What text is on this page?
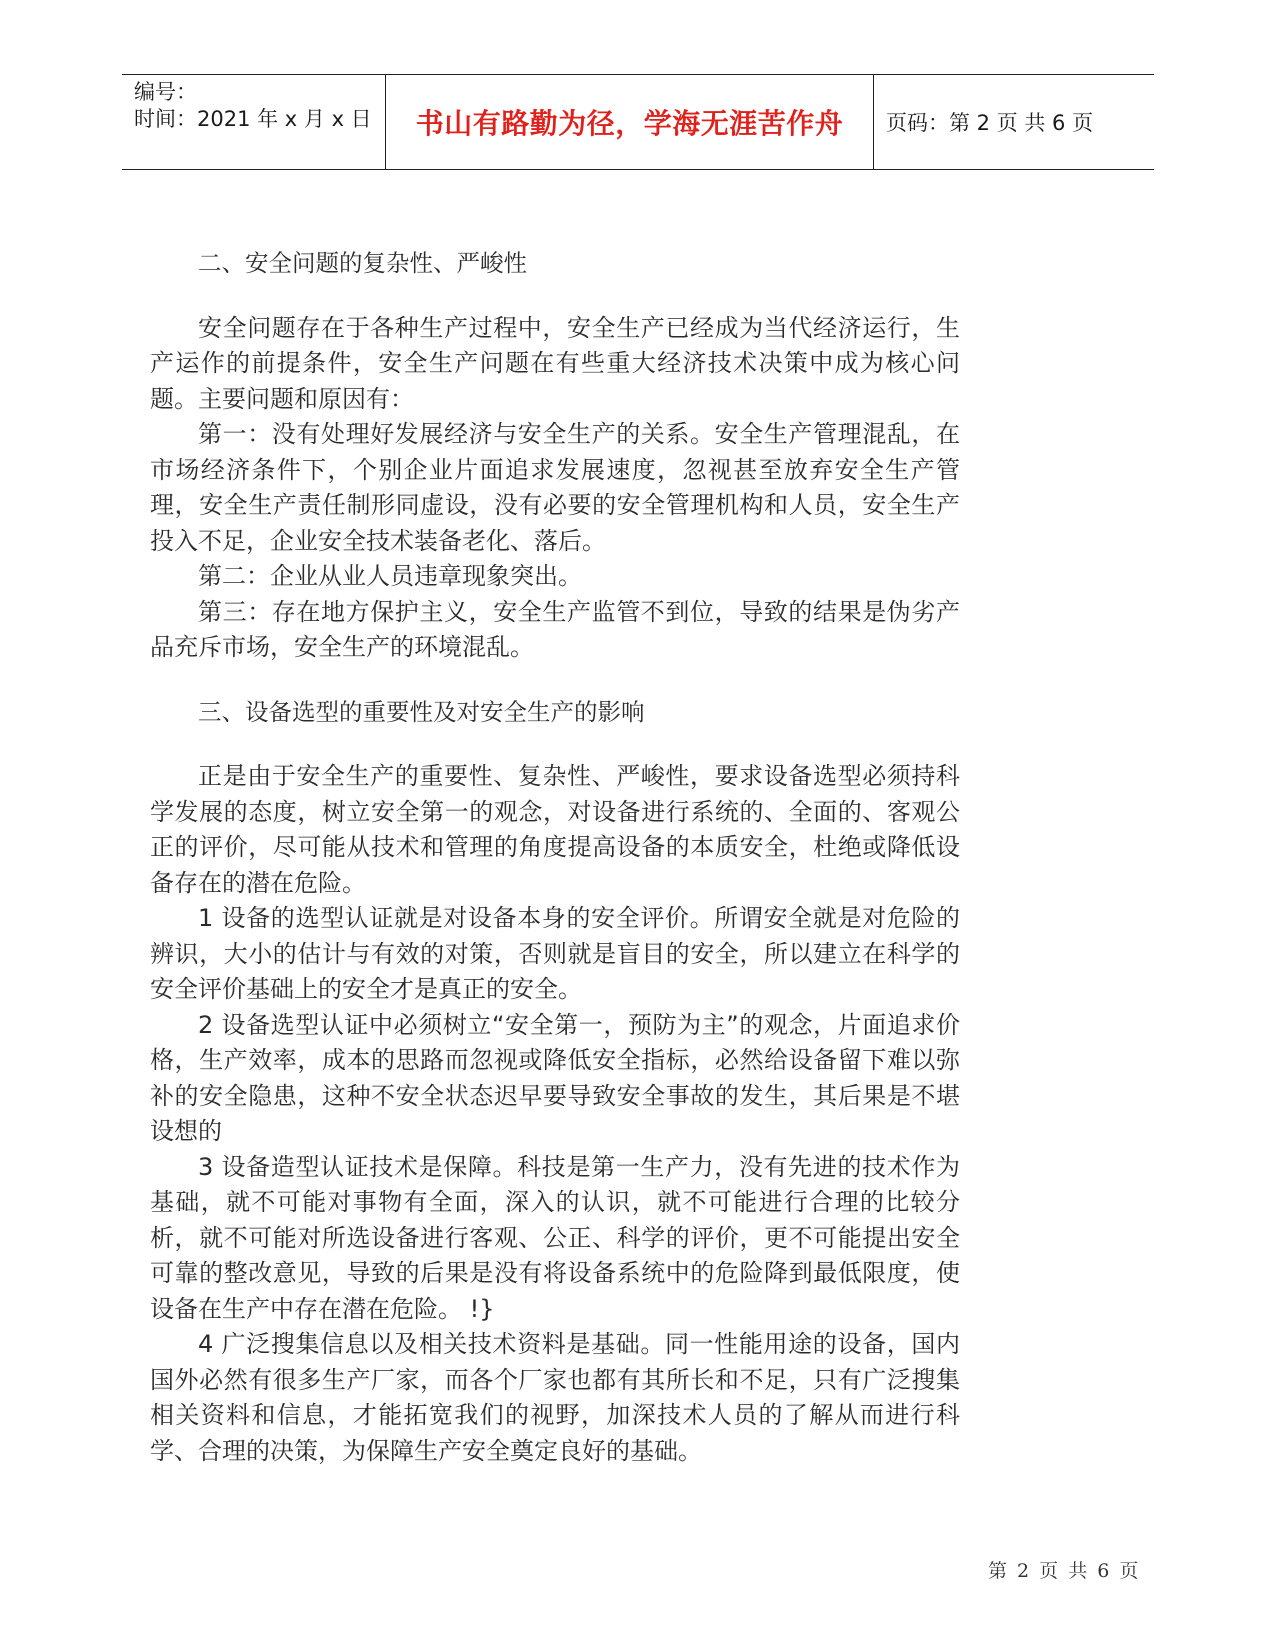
编号：
时间：2021 年 x 月 x 日 书山有路勤为径，学海无涯苦作舟 页码：第 2 页 共 6 页

二、安全问题的复杂性、严峻性

安全问题存在于各种生产过程中，安全生产已经成为当代经济运行，生产运作的前提条件，安全生产问题在有些重大经济技术决策中成为核心问题。主要问题和原因有：

第一：没有处理好发展经济与安全生产的关系。安全生产管理混乱，在市场经济条件下，个别企业片面追求发展速度，忽视甚至放弃安全生产管理，安全生产责任制形同虚设，没有必要的安全管理机构和人员，安全生产投入不足，企业安全技术装备老化、落后。

第二：企业从业人员违章现象突出。

第三：存在地方保护主义，安全生产监管不到位，导致的结果是伪劣产品充斥市场，安全生产的环境混乱。

三、设备选型的重要性及对安全生产的影响

正是由于安全生产的重要性、复杂性、严峻性，要求设备选型必须持科学发展的态度，树立安全第一的观念，对设备进行系统的、全面的、客观公正的评价，尽可能从技术和管理的角度提高设备的本质安全，杜绝或降低设备存在的潜在危险。

1 设备的选型认证就是对设备本身的安全评价。所谓安全就是对危险的辨识，大小的估计与有效的对策，否则就是盲目的安全，所以建立在科学的安全评价基础上的安全才是真正的安全。

2 设备选型认证中必须树立“安全第一，预防为主”的观念，片面追求价格，生产效率，成本的思路而忽视或降低安全指标，必然给设备留下难以弥补的安全隐患，这种不安全状态迟早要导致安全事故的发生，其后果是不堪设想的

3 设备造型认证技术是保障。科技是第一生产力，没有先进的技术作为基础，就不可能对事物有全面，深入的认识，就不可能进行合理的比较分析，就不可能对所选设备进行客观、公正、科学的评价，更不可能提出安全可靠的整改意见，导致的后果是没有将设备系统中的危险降到最低限度，使设备在生产中存在潜在危险。 !}

4 广泛搜集信息以及相关技术资料是基础。同一性能用途的设备，国内国外必然有很多生产厂家，而各个厂家也都有其所长和不足，只有广泛搜集相关资料和信息，才能拓宽我们的视野，加深技术人员的了解从而进行科学、合理的决策，为保障生产安全奠定良好的基础。

第 2 页 共 6 页
